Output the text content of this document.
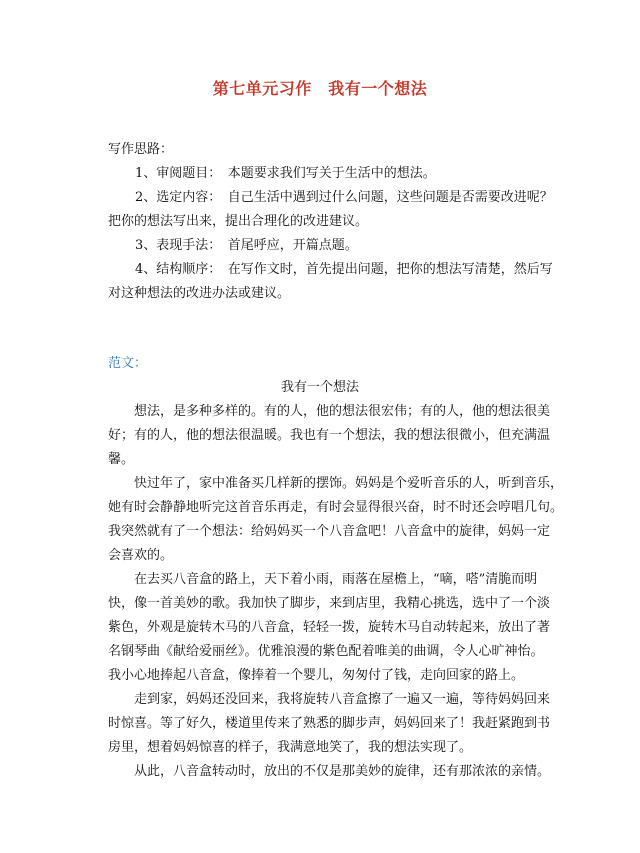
第七单元习作　我有一个想法
写作思路：
1、审阅题目：　本题要求我们写关于生活中的想法。
2、选定内容：　自己生活中遇到过什么问题，这些问题是否需要改进呢？
把你的想法写出来，提出合理化的改进建议。
3、表现手法：　首尾呼应，开篇点题。
4、结构顺序：　在写作文时，首先提出问题，把你的想法写清楚，然后写
对这种想法的改进办法或建议。
范文：
我有一个想法
想法，是多种多样的。有的人，他的想法很宏伟；有的人，他的想法很美
好；有的人，他的想法很温暖。我也有一个想法，我的想法很微小，但充满温
馨。
快过年了，家中准备买几样新的摆饰。妈妈是个爱听音乐的人，听到音乐，
她有时会静静地听完这首音乐再走，有时会显得很兴奋，时不时还会哼唱几句。
我突然就有了一个想法：给妈妈买一个八音盒吧！八音盒中的旋律，妈妈一定
会喜欢的。
在去买八音盒的路上，天下着小雨，雨落在屋檐上，“嘀，嗒”清脆而明
快，像一首美妙的歌。我加快了脚步，来到店里，我精心挑选，选中了一个淡
紫色，外观是旋转木马的八音盒，轻轻一拨，旋转木马自动转起来，放出了著
名钢琴曲《献给爱丽丝》。优雅浪漫的紫色配着唯美的曲调，令人心旷神怡。
我小心地捧起八音盒，像捧着一个婴儿，匆匆付了钱，走向回家的路上。
走到家，妈妈还没回来，我将旋转八音盒擦了一遍又一遍，等待妈妈回来
时惊喜。等了好久，楼道里传来了熟悉的脚步声，妈妈回来了！我赶紧跑到书
房里，想着妈妈惊喜的样子，我满意地笑了，我的想法实现了。
从此，八音盒转动时，放出的不仅是那美妙的旋律，还有那浓浓的亲情。
